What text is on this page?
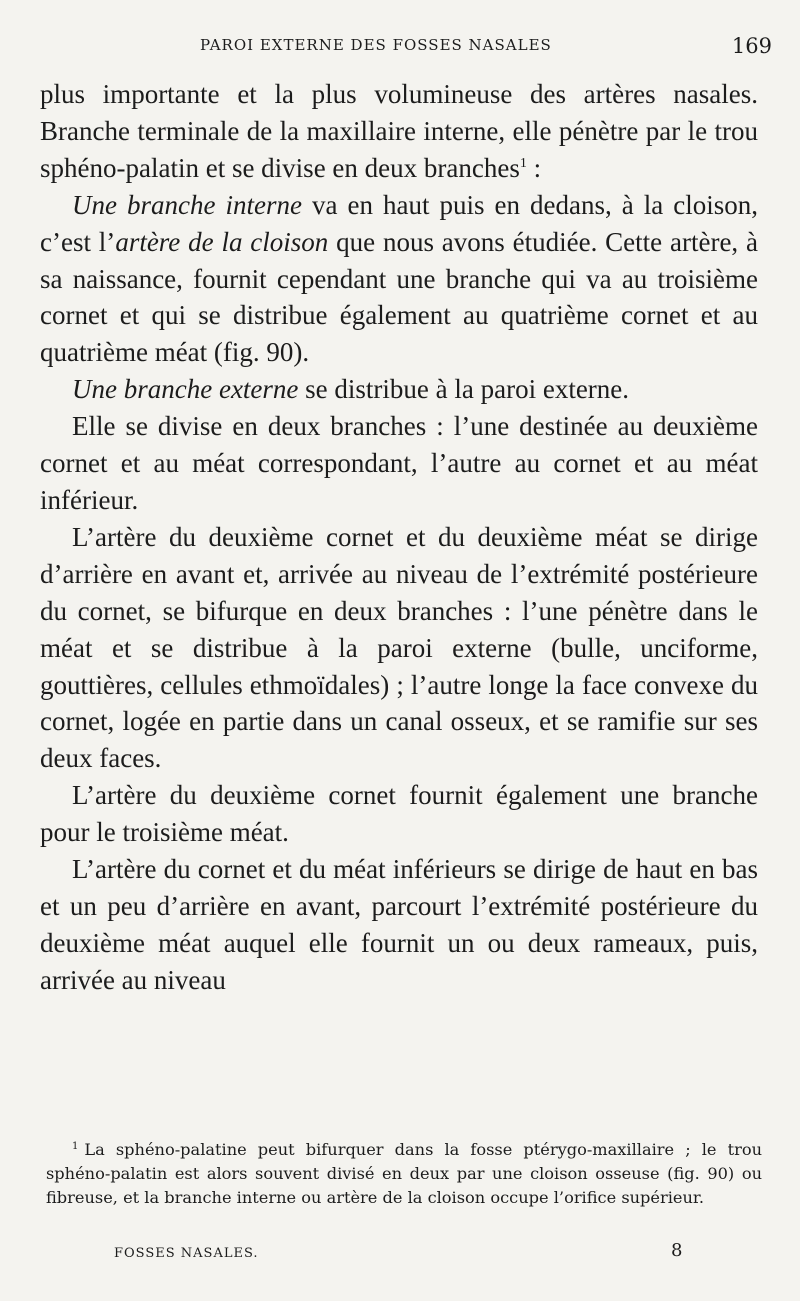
PAROI EXTERNE DES FOSSES NASALES	169

plus importante et la plus volumineuse des artères nasales. Branche terminale de la maxillaire interne, elle pénètre par le trou sphéno-palatin et se divise en deux branches$^1$ :

Une branche interne va en haut puis en dedans, à la cloison, c’est l’artère de la cloison que nous avons étudiée. Cette artère, à sa naissance, fournit cependant une branche qui va au troisième cornet et qui se distribue également au quatrième cornet et au quatrième méat (fig. 90).

Une branche externe se distribue à la paroi externe.

Elle se divise en deux branches : l’une destinée au deuxième cornet et au méat correspondant, l’autre au cornet et au méat inférieur.

L’artère du deuxième cornet et du deuxième méat se dirige d’arrière en avant et, arrivée au niveau de l’extrémité postérieure du cornet, se bifurque en deux branches : l’une pénètre dans le méat et se distribue à la paroi externe (bulle, unciforme, gouttières, cellules ethmoïdales) ; l’autre longe la face convexe du cornet, logée en partie dans un canal osseux, et se ramifie sur ses deux faces.

L’artère du deuxième cornet fournit également une branche pour le troisième méat.

L’artère du cornet et du méat inférieurs se dirige de haut en bas et un peu d’arrière en avant, parcourt l’extrémité postérieure du deuxième méat auquel elle fournit un ou deux rameaux, puis, arrivée au niveau

$^1$ La sphéno-palatine peut bifurquer dans la fosse ptérygo-maxillaire ; le trou sphéno-palatin est alors souvent divisé en deux par une cloison osseuse (fig. 90) ou fibreuse, et la branche interne ou artère de la cloison occupe l’orifice supérieur.

FOSSES NASALES.	8
